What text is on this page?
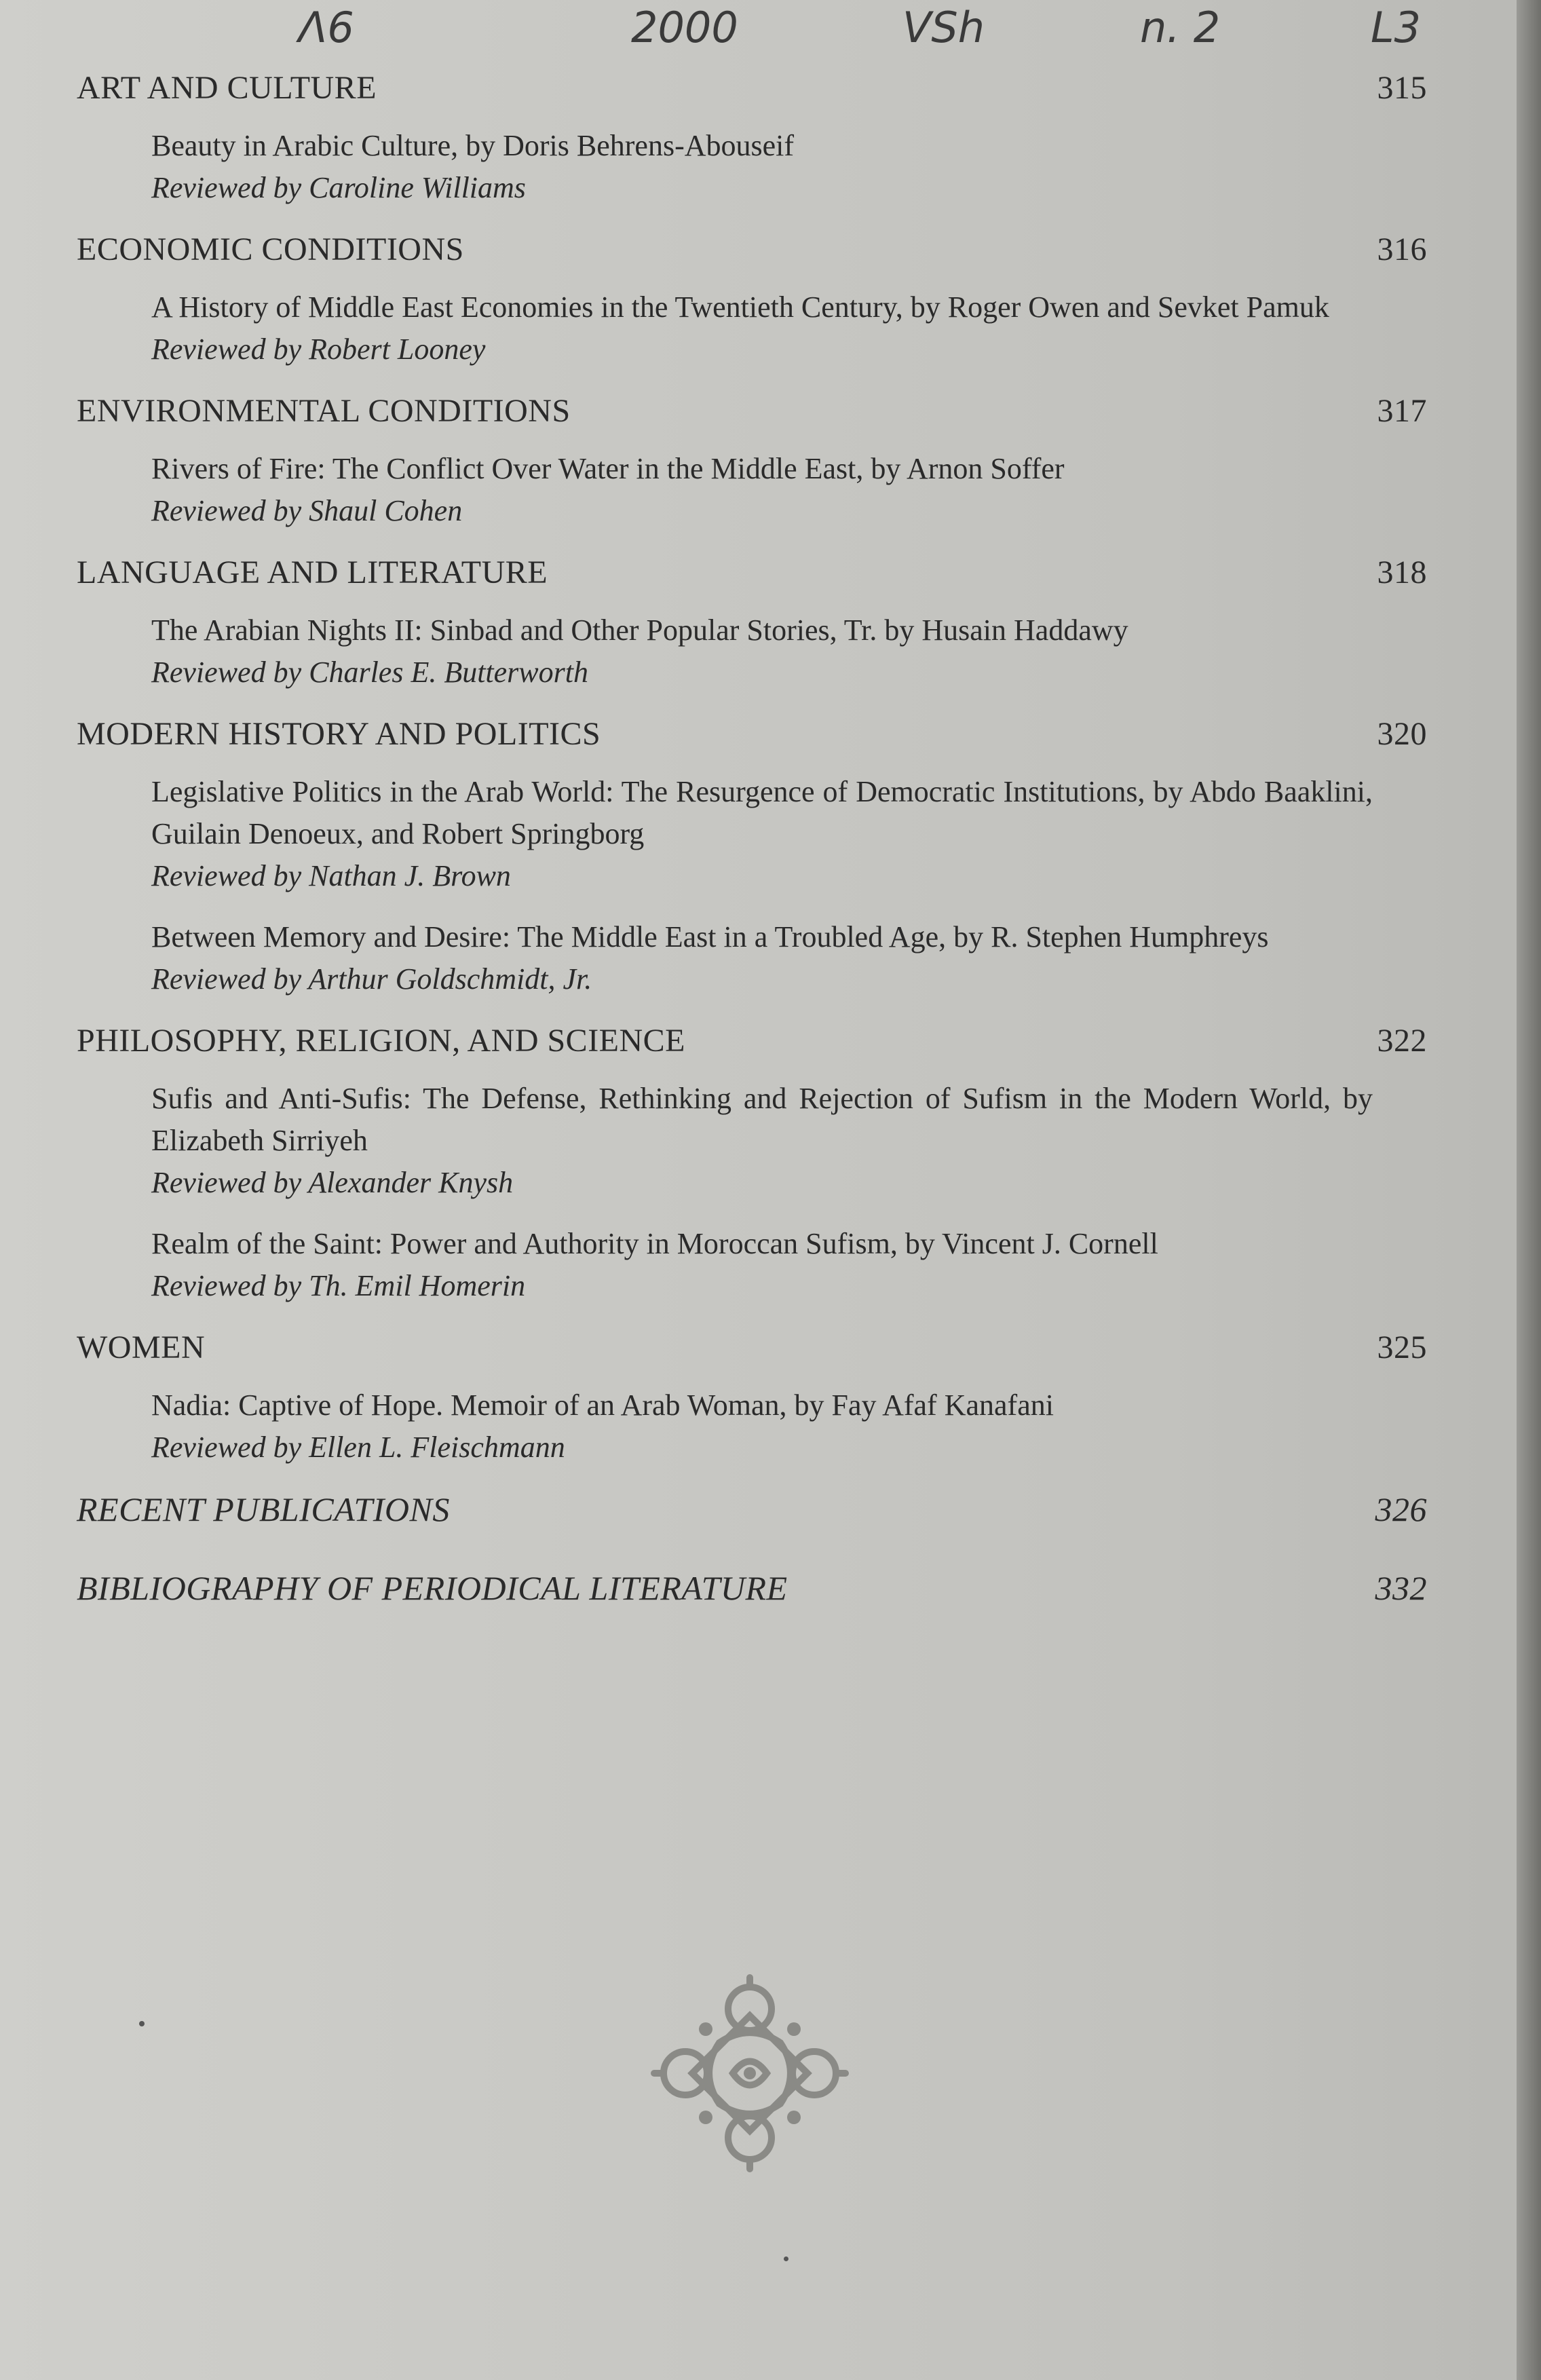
Λ6	2000	VSh	n. 2	L3
ART AND CULTURE	315
Beauty in Arabic Culture, by Doris Behrens-Abouseif
Reviewed by Caroline Williams
ECONOMIC CONDITIONS	316
A History of Middle East Economies in the Twentieth Century, by Roger Owen and Sevket Pamuk
Reviewed by Robert Looney
ENVIRONMENTAL CONDITIONS	317
Rivers of Fire: The Conflict Over Water in the Middle East, by Arnon Soffer
Reviewed by Shaul Cohen
LANGUAGE AND LITERATURE	318
The Arabian Nights II: Sinbad and Other Popular Stories, Tr. by Husain Haddawy
Reviewed by Charles E. Butterworth
MODERN HISTORY AND POLITICS	320
Legislative Politics in the Arab World: The Resurgence of Democratic Institutions, by Abdo Baaklini, Guilain Denoeux, and Robert Springborg
Reviewed by Nathan J. Brown
Between Memory and Desire: The Middle East in a Troubled Age, by R. Stephen Humphreys
Reviewed by Arthur Goldschmidt, Jr.
PHILOSOPHY, RELIGION, AND SCIENCE	322
Sufis and Anti-Sufis: The Defense, Rethinking and Rejection of Sufism in the Modern World, by Elizabeth Sirriyeh
Reviewed by Alexander Knysh
Realm of the Saint: Power and Authority in Moroccan Sufism, by Vincent J. Cornell
Reviewed by Th. Emil Homerin
WOMEN	325
Nadia: Captive of Hope. Memoir of an Arab Woman, by Fay Afaf Kanafani
Reviewed by Ellen L. Fleischmann
RECENT PUBLICATIONS	326
BIBLIOGRAPHY OF PERIODICAL LITERATURE	332
